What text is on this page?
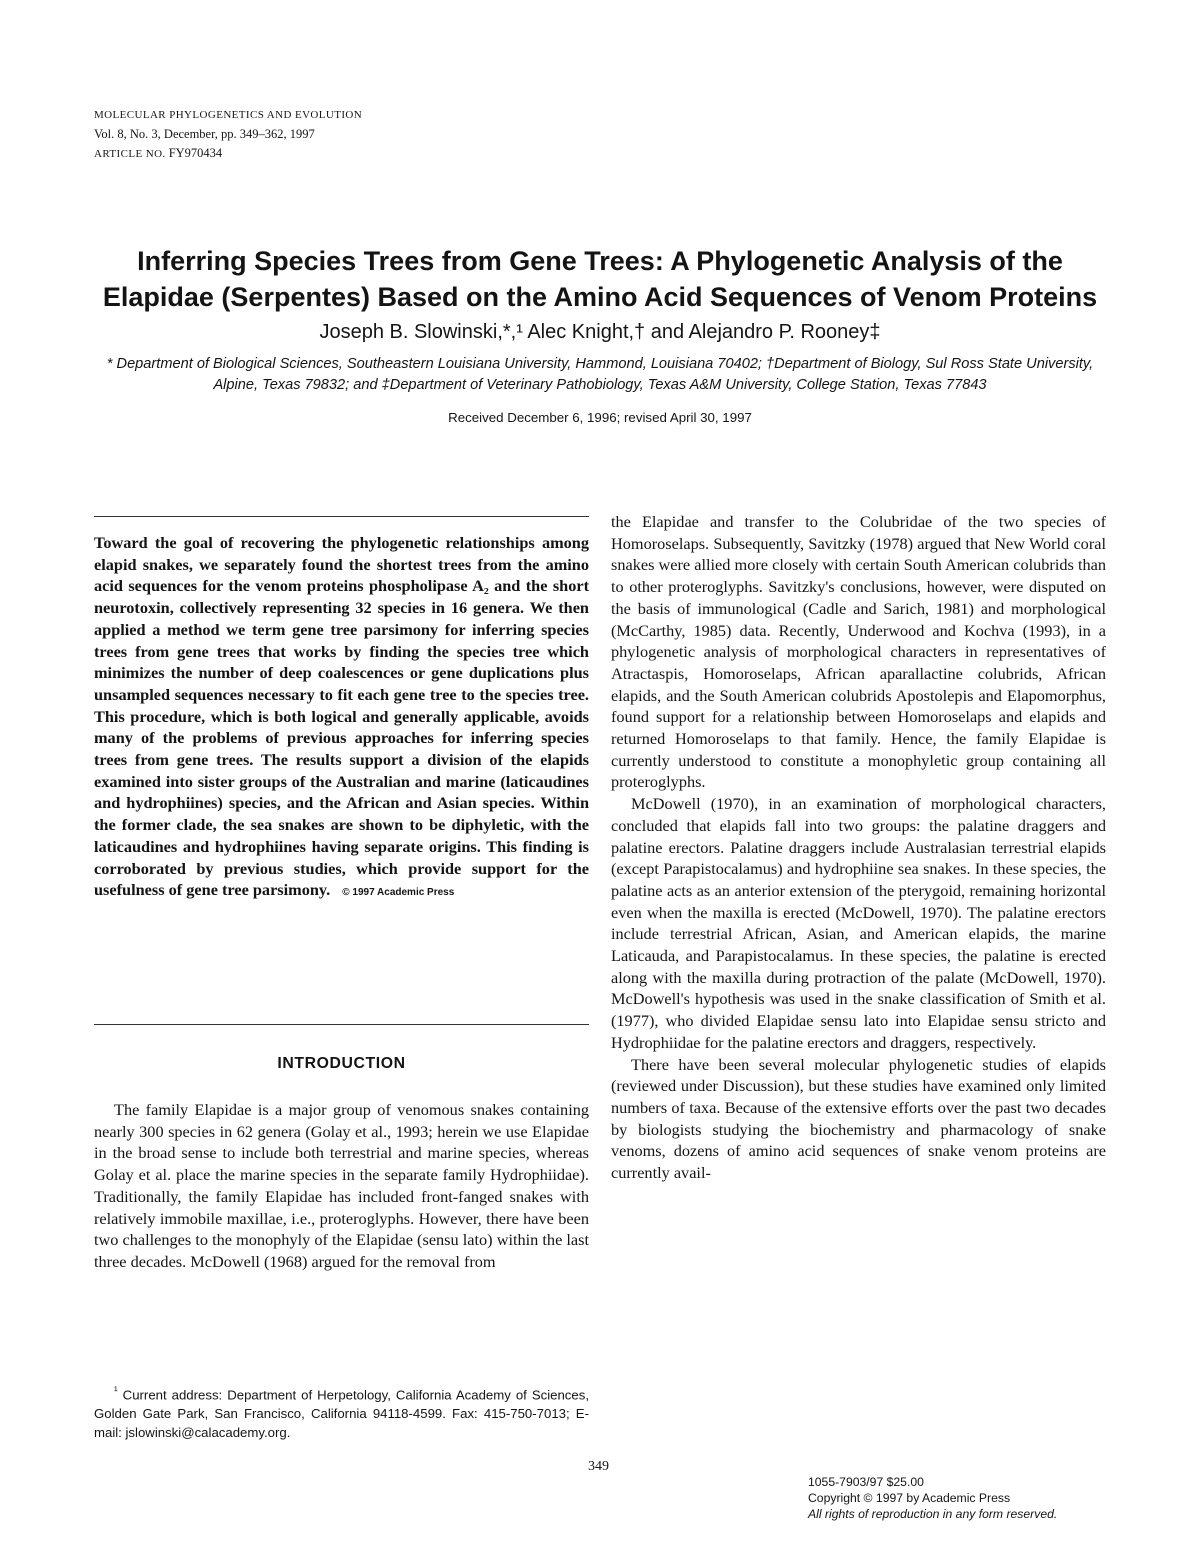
MOLECULAR PHYLOGENETICS AND EVOLUTION
Vol. 8, No. 3, December, pp. 349–362, 1997
ARTICLE NO. FY970434
Inferring Species Trees from Gene Trees: A Phylogenetic Analysis of the Elapidae (Serpentes) Based on the Amino Acid Sequences of Venom Proteins
Joseph B. Slowinski,*,¹ Alec Knight,† and Alejandro P. Rooney‡
* Department of Biological Sciences, Southeastern Louisiana University, Hammond, Louisiana 70402; †Department of Biology, Sul Ross State University, Alpine, Texas 79832; and ‡Department of Veterinary Pathobiology, Texas A&M University, College Station, Texas 77843
Received December 6, 1996; revised April 30, 1997
Toward the goal of recovering the phylogenetic relationships among elapid snakes, we separately found the shortest trees from the amino acid sequences for the venom proteins phospholipase A₂ and the short neurotoxin, collectively representing 32 species in 16 genera. We then applied a method we term gene tree parsimony for inferring species trees from gene trees that works by finding the species tree which minimizes the number of deep coalescences or gene duplications plus unsampled sequences necessary to fit each gene tree to the species tree. This procedure, which is both logical and generally applicable, avoids many of the problems of previous approaches for inferring species trees from gene trees. The results support a division of the elapids examined into sister groups of the Australian and marine (laticaudines and hydrophiines) species, and the African and Asian species. Within the former clade, the sea snakes are shown to be diphyletic, with the laticaudines and hydrophiines having separate origins. This finding is corroborated by previous studies, which provide support for the usefulness of gene tree parsimony. © 1997 Academic Press
INTRODUCTION

The family Elapidae is a major group of venomous snakes containing nearly 300 species in 62 genera (Golay et al., 1993; herein we use Elapidae in the broad sense to include both terrestrial and marine species, whereas Golay et al. place the marine species in the separate family Hydrophiidae). Traditionally, the family Elapidae has included front-fanged snakes with relatively immobile maxillae, i.e., proteroglyphs. However, there have been two challenges to the monophyly of the Elapidae (sensu lato) within the last three decades. McDowell (1968) argued for the removal from

the Elapidae and transfer to the Colubridae of the two species of Homoroselaps. Subsequently, Savitzky (1978) argued that New World coral snakes were allied more closely with certain South American colubrids than to other proteroglyphs. Savitzky's conclusions, however, were disputed on the basis of immunological (Cadle and Sarich, 1981) and morphological (McCarthy, 1985) data. Recently, Underwood and Kochva (1993), in a phylogenetic analysis of morphological characters in representatives of Atractaspis, Homoroselaps, African aparallactine colubrids, African elapids, and the South American colubrids Apostolepis and Elapomorphus, found support for a relationship between Homoroselaps and elapids and returned Homoroselaps to that family. Hence, the family Elapidae is currently understood to constitute a monophyletic group containing all proteroglyphs.

McDowell (1970), in an examination of morphological characters, concluded that elapids fall into two groups: the palatine draggers and palatine erectors. Palatine draggers include Australasian terrestrial elapids (except Parapistocalamus) and hydrophiine sea snakes. In these species, the palatine acts as an anterior extension of the pterygoid, remaining horizontal even when the maxilla is erected (McDowell, 1970). The palatine erectors include terrestrial African, Asian, and American elapids, the marine Laticauda, and Parapistocalamus. In these species, the palatine is erected along with the maxilla during protraction of the palate (McDowell, 1970). McDowell's hypothesis was used in the snake classification of Smith et al. (1977), who divided Elapidae sensu lato into Elapidae sensu stricto and Hydrophiidae for the palatine erectors and draggers, respectively.

There have been several molecular phylogenetic studies of elapids (reviewed under Discussion), but these studies have examined only limited numbers of taxa. Because of the extensive efforts over the past two decades by biologists studying the biochemistry and pharmacology of snake venoms, dozens of amino acid sequences of snake venom proteins are currently avail-

$^{^1}$ Current address: Department of Herpetology, California Academy of Sciences, Golden Gate Park, San Francisco, California 94118-4599. Fax: 415-750-7013; E-mail: jslowinski@calacademy.org.
349
1055-7903/97 $25.00
Copyright © 1997 by Academic Press
All rights of reproduction in any form reserved.
